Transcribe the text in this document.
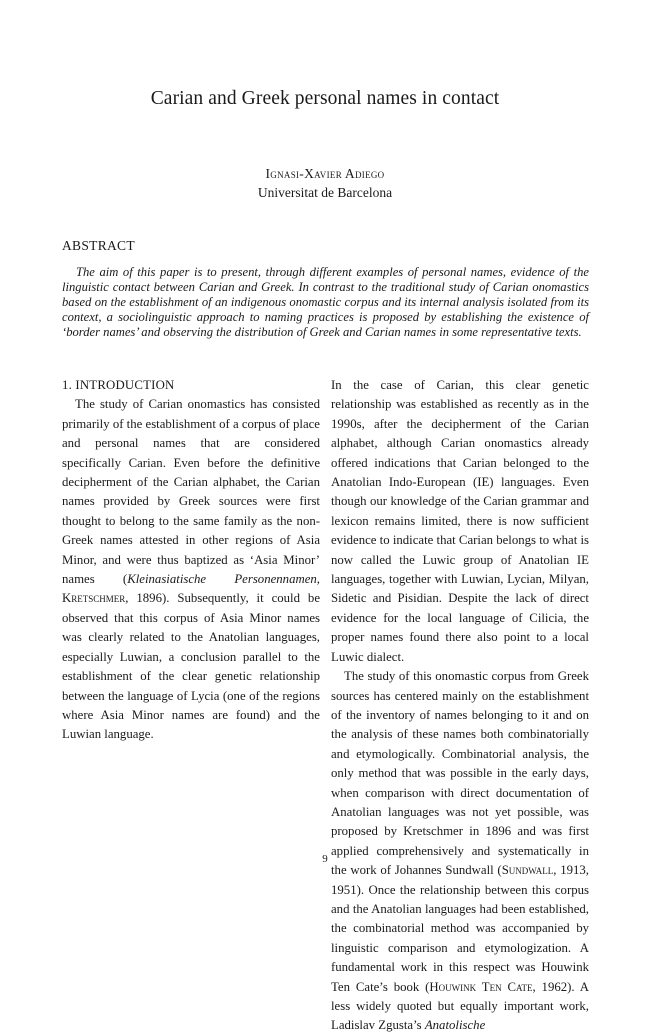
Carian and Greek personal names in contact
Ignasi-Xavier Adiego
Universitat de Barcelona
ABSTRACT

The aim of this paper is to present, through different examples of personal names, evidence of the linguistic contact between Carian and Greek. In contrast to the traditional study of Carian onomastics based on the establishment of an indigenous onomastic corpus and its internal analysis isolated from its context, a sociolinguistic approach to naming practices is proposed by establishing the existence of ‘border names’ and observing the distribution of Greek and Carian names in some representative texts.

1. INTRODUCTION

The study of Carian onomastics has consisted primarily of the establishment of a corpus of place and personal names that are considered specifically Carian. Even before the definitive decipherment of the Carian alphabet, the Carian names provided by Greek sources were first thought to belong to the same family as the non-Greek names attested in other regions of Asia Minor, and were thus baptized as ‘Asia Minor’ names (Kleinasiatische Personennamen, Kretschmer, 1896). Subsequently, it could be observed that this corpus of Asia Minor names was clearly related to the Anatolian languages, especially Luwian, a conclusion parallel to the establishment of the clear genetic relationship between the language of Lycia (one of the regions where Asia Minor names are found) and the Luwian language.

In the case of Carian, this clear genetic relationship was established as recently as in the 1990s, after the decipherment of the Carian alphabet, although Carian onomastics already offered indications that Carian belonged to the Anatolian Indo-European (IE) languages. Even though our knowledge of the Carian grammar and lexicon remains limited, there is now sufficient evidence to indicate that Carian belongs to what is now called the Luwic group of Anatolian IE languages, together with Luwian, Lycian, Milyan, Sidetic and Pisidian. Despite the lack of direct evidence for the local language of Cilicia, the proper names found there also point to a local Luwic dialect.

The study of this onomastic corpus from Greek sources has centered mainly on the establishment of the inventory of names belonging to it and on the analysis of these names both combinatorially and etymologically. Combinatorial analysis, the only method that was possible in the early days, when comparison with direct documentation of Anatolian languages was not yet possible, was proposed by Kretschmer in 1896 and was first applied comprehensively and systematically in the work of Johannes Sundwall (Sundwall, 1913, 1951). Once the relationship between this corpus and the Anatolian languages had been established, the combinatorial method was accompanied by linguistic comparison and etymologization. A fundamental work in this respect was Houwink Ten Cate’s book (Houwink Ten Cate, 1962). A less widely quoted but equally important work, Ladislav Zgusta’s Anatolische

9
